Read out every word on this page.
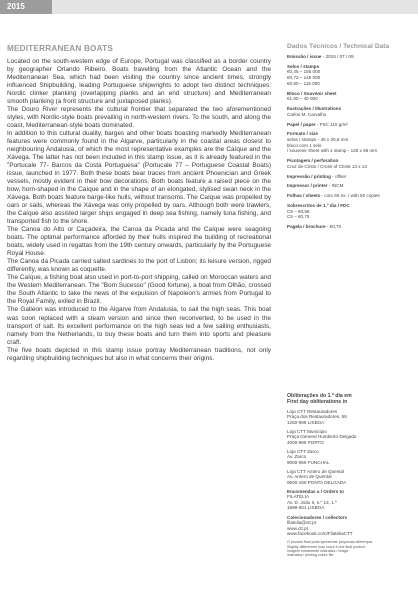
2015
MEDITERRANEAN BOATS

Located on the south-western edge of Europe, Portugal was classified as a border country by geographer Orlando Ribeiro. Boats travelling from the Atlantic Ocean and the Mediterranean Sea, which had been visiting the country since ancient times, strongly influenced Shipbuilding, leading Portuguese shipwrights to adopt two distinct techniques: Nordic clinker planking (overlapping planks and an end structure) and Mediterranean smooth planking (a front structure and juxtaposed planks).

The Douro River represents the cultural frontier that separated the two aforementioned styles, with Nordic-style boats prevailing in north-western rivers. To the south, and along the coast, Mediterranean-style boats dominated.

In addition to this cultural duality, barges and other boats boasting markedly Mediterranean features were commonly found in the Algarve, particularly in the coastal areas closest to neighbouring Andalusia, of which the most representative examples are the Caíque and the Xávega. The latter has not been included in this stamp issue, as it is already featured in the "Portucale 77- Barcos da Costa Portuguesa" (Portucale 77 – Portuguese Coastal Boats) issue, launched in 1977. Both these boats bear traces from ancient Phoenician and Greek vessels, mostly evident in their bow decorations. Both boats feature a raised piece on the bow, horn-shaped in the Caíque and in the shape of an elongated, stylised swan neck in the Xávega. Both boats feature barge-like hulls, without transoms. The Caíque was propelled by oars or sails, whereas the Xávega was only propelled by oars. Although both were trawlers, the Caíque also assisted larger ships engaged in deep sea fishing, namely tuna fishing, and transported fish to the shore.

The Canoa do Alto or Caçadeira, the Canoa da Picada and the Caíque were seagoing boats. The optimal performance afforded by their hulls inspired the building of recreational boats, widely used in regattas from the 19th century onwards, particularly by the Portuguese Royal House.

The Canoa da Picada carried salted sardines to the port of Lisbon; its leisure version, rigged differently, was known as coquette.

The Caíque, a fishing boat also used in port-to-port shipping, called on Moroccan waters and the Western Mediterranean. The "Bom Sucesso" (Good fortune), a boat from Olhão, crossed the South Atlantic to take the news of the expulsion of Napoleon's armies from Portugal to the Royal Family, exiled in Brazil.

The Galleon was introduced to the Algarve from Andalusia, to sail the high seas. This boat was soon replaced with a steam version and since then reconverted, to be used in the transport of salt. Its excellent performance on the high seas led a few sailing enthusiasts, namely from the Netherlands, to buy these boats and turn them into sports and pleasure craft.

The five boats depicted in this stamp issue portray Mediterranean traditions, not only regarding shipbuilding techniques but also in what concerns their origins.

Dados Técnicos / Technical Data
Emissão / issue - 2015 / 07 / 09
Selos / stamps
€0,45 – 155 000
€0,72 – 145 000
€0,80 – 115 000
Bloco / Souvenir sheet
€1,80 – 40 000
Ilustrações / Illustrations
Carlos M. Carvalho
Papel / paper - FSC 110 g/m²
Formato / size
selos / stamps - 40 x 30,6 mm
bloco com 1 selo
/ souvenir sheet with 1 stamp - 125 x 95 mm
Picotagem / perforation
Cruz de Cristo / Cross of Christ 13 x 13
Impressão / printing - offset
Impressor / printer - INCM
Folhas / sheets - com 50 ex. / with 50 copies
Sobrescritos de 1.º dia / FDC
C6 – €0,56
C5 – €0,75
Pagela / brochure - €0,70
Obliterações do 1.º dia em
First day obliterations in
Loja CTT Restauradores
Praça dos Restauradores, 58
1250-998 LISBOA
Loja CTT Município
Praça General Humberto Delgado
4000-999 PORTO
Loja CTT Zarco
Av. Zarco
9000-069 FUNCHAL
Loja CTT Antero de Quental
Av. Antero de Quental
9500-160 PONTA DELGADA
Encomendas a / Orders to
FILATELIA
Av. D. João II, n.º 13, 1.º
1999-001 LISBOA
Colecionadores / collectors
filatelia@ctt.pt
www.ctt.pt
www.facebook.com/FilateliaCTT
O produto final pode apresentar pequenas diferenças.
Slightly differences may occur in the final product.
Imagem meramente ilustrativa / Image
ilustrativa / printing colour file.
